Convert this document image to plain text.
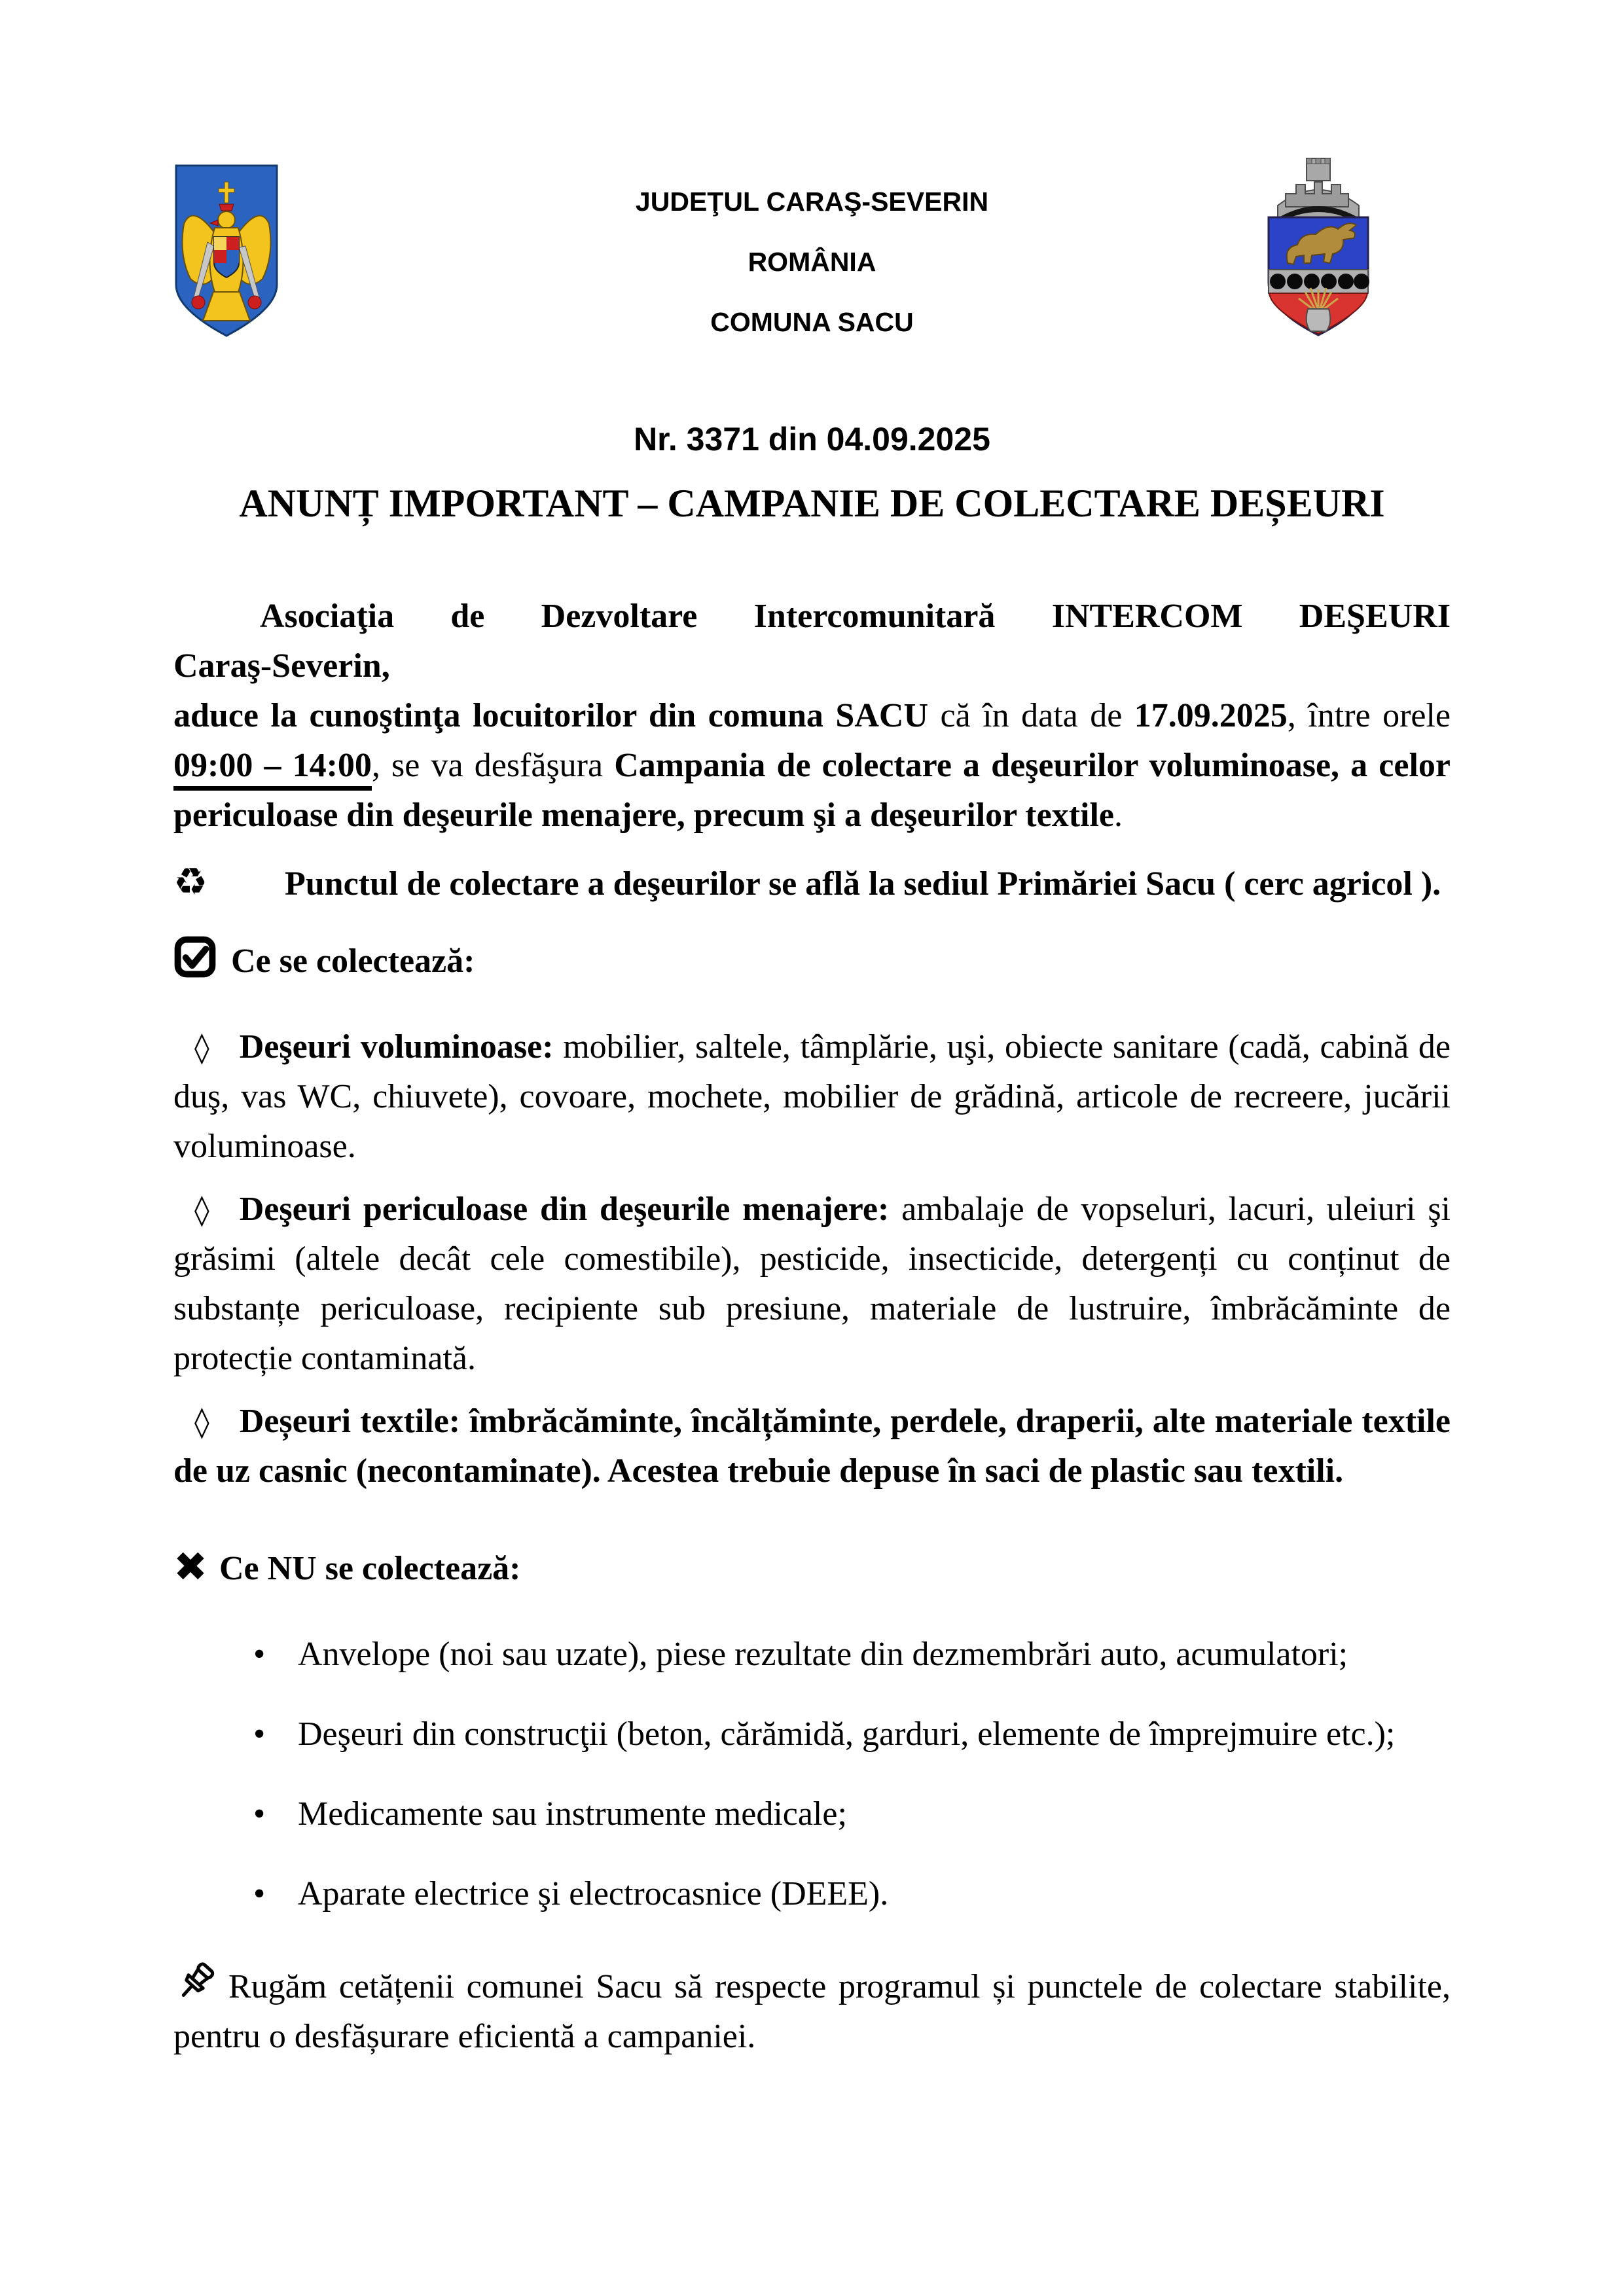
JUDEŢUL CARAŞ-SEVERIN
ROMÂNIA
COMUNA SACU
Nr. 3371 din 04.09.2025
ANUNȚ IMPORTANT – CAMPANIE DE COLECTARE DEȘEURI

Asociaţia de Dezvoltare Intercomunitară INTERCOM DEŞEURI
Caraş-Severin,
aduce la cunoştinţa locuitorilor din comuna SACU că în data de 17.09.2025, între orele 09:00 – 14:00, se va desfăşura Campania de colectare a deşeurilor voluminoase, a celor periculoase din deşeurile menajere, precum şi a deşeurilor textile.

♻ Punctul de colectare a deşeurilor se află la sediul Primăriei Sacu ( cerc agricol ).

Ce se colectează:

◊ Deşeuri voluminoase: mobilier, saltele, tâmplărie, uşi, obiecte sanitare (cadă, cabină de duş, vas WC, chiuvete), covoare, mochete, mobilier de grădină, articole de recreere, jucării voluminoase.

◊ Deşeuri periculoase din deşeurile menajere: ambalaje de vopseluri, lacuri, uleiuri şi grăsimi (altele decât cele comestibile), pesticide, insecticide, detergenți cu conținut de substanțe periculoase, recipiente sub presiune, materiale de lustruire, îmbrăcăminte de protecție contaminată.

◊ Deșeuri textile: îmbrăcăminte, încălțăminte, perdele, draperii, alte materiale textile de uz casnic (necontaminate). Acestea trebuie depuse în saci de plastic sau textili.

✖ Ce NU se colectează:

• Anvelope (noi sau uzate), piese rezultate din dezmembrări auto, acumulatori;
• Deşeuri din construcţii (beton, cărămidă, garduri, elemente de împrejmuire etc.);
• Medicamente sau instrumente medicale;
• Aparate electrice şi electrocasnice (DEEE).

Rugăm cetățenii comunei Sacu să respecte programul și punctele de colectare stabilite, pentru o desfășurare eficientă a campaniei.
